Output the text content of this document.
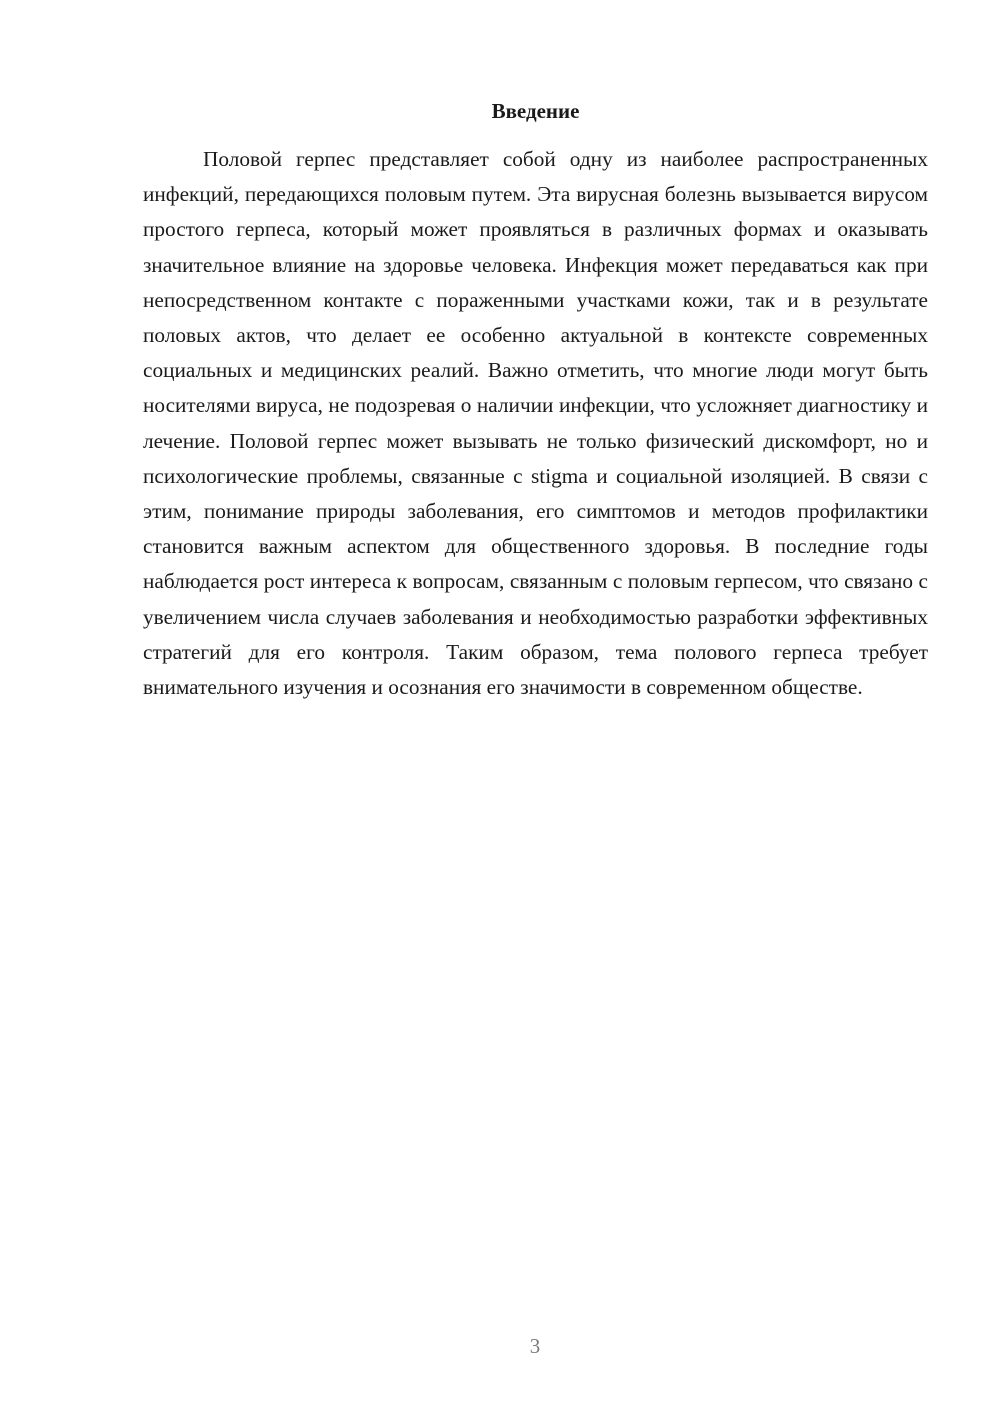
Введение

Половой герпес представляет собой одну из наиболее распространенных инфекций, передающихся половым путем. Эта вирусная болезнь вызывается вирусом простого герпеса, который может проявляться в различных формах и оказывать значительное влияние на здоровье человека. Инфекция может передаваться как при непосредственном контакте с пораженными участками кожи, так и в результате половых актов, что делает ее особенно актуальной в контексте современных социальных и медицинских реалий. Важно отметить, что многие люди могут быть носителями вируса, не подозревая о наличии инфекции, что усложняет диагностику и лечение. Половой герпес может вызывать не только физический дискомфорт, но и психологические проблемы, связанные с stigma и социальной изоляцией. В связи с этим, понимание природы заболевания, его симптомов и методов профилактики становится важным аспектом для общественного здоровья. В последние годы наблюдается рост интереса к вопросам, связанным с половым герпесом, что связано с увеличением числа случаев заболевания и необходимостью разработки эффективных стратегий для его контроля. Таким образом, тема полового герпеса требует внимательного изучения и осознания его значимости в современном обществе.

3
